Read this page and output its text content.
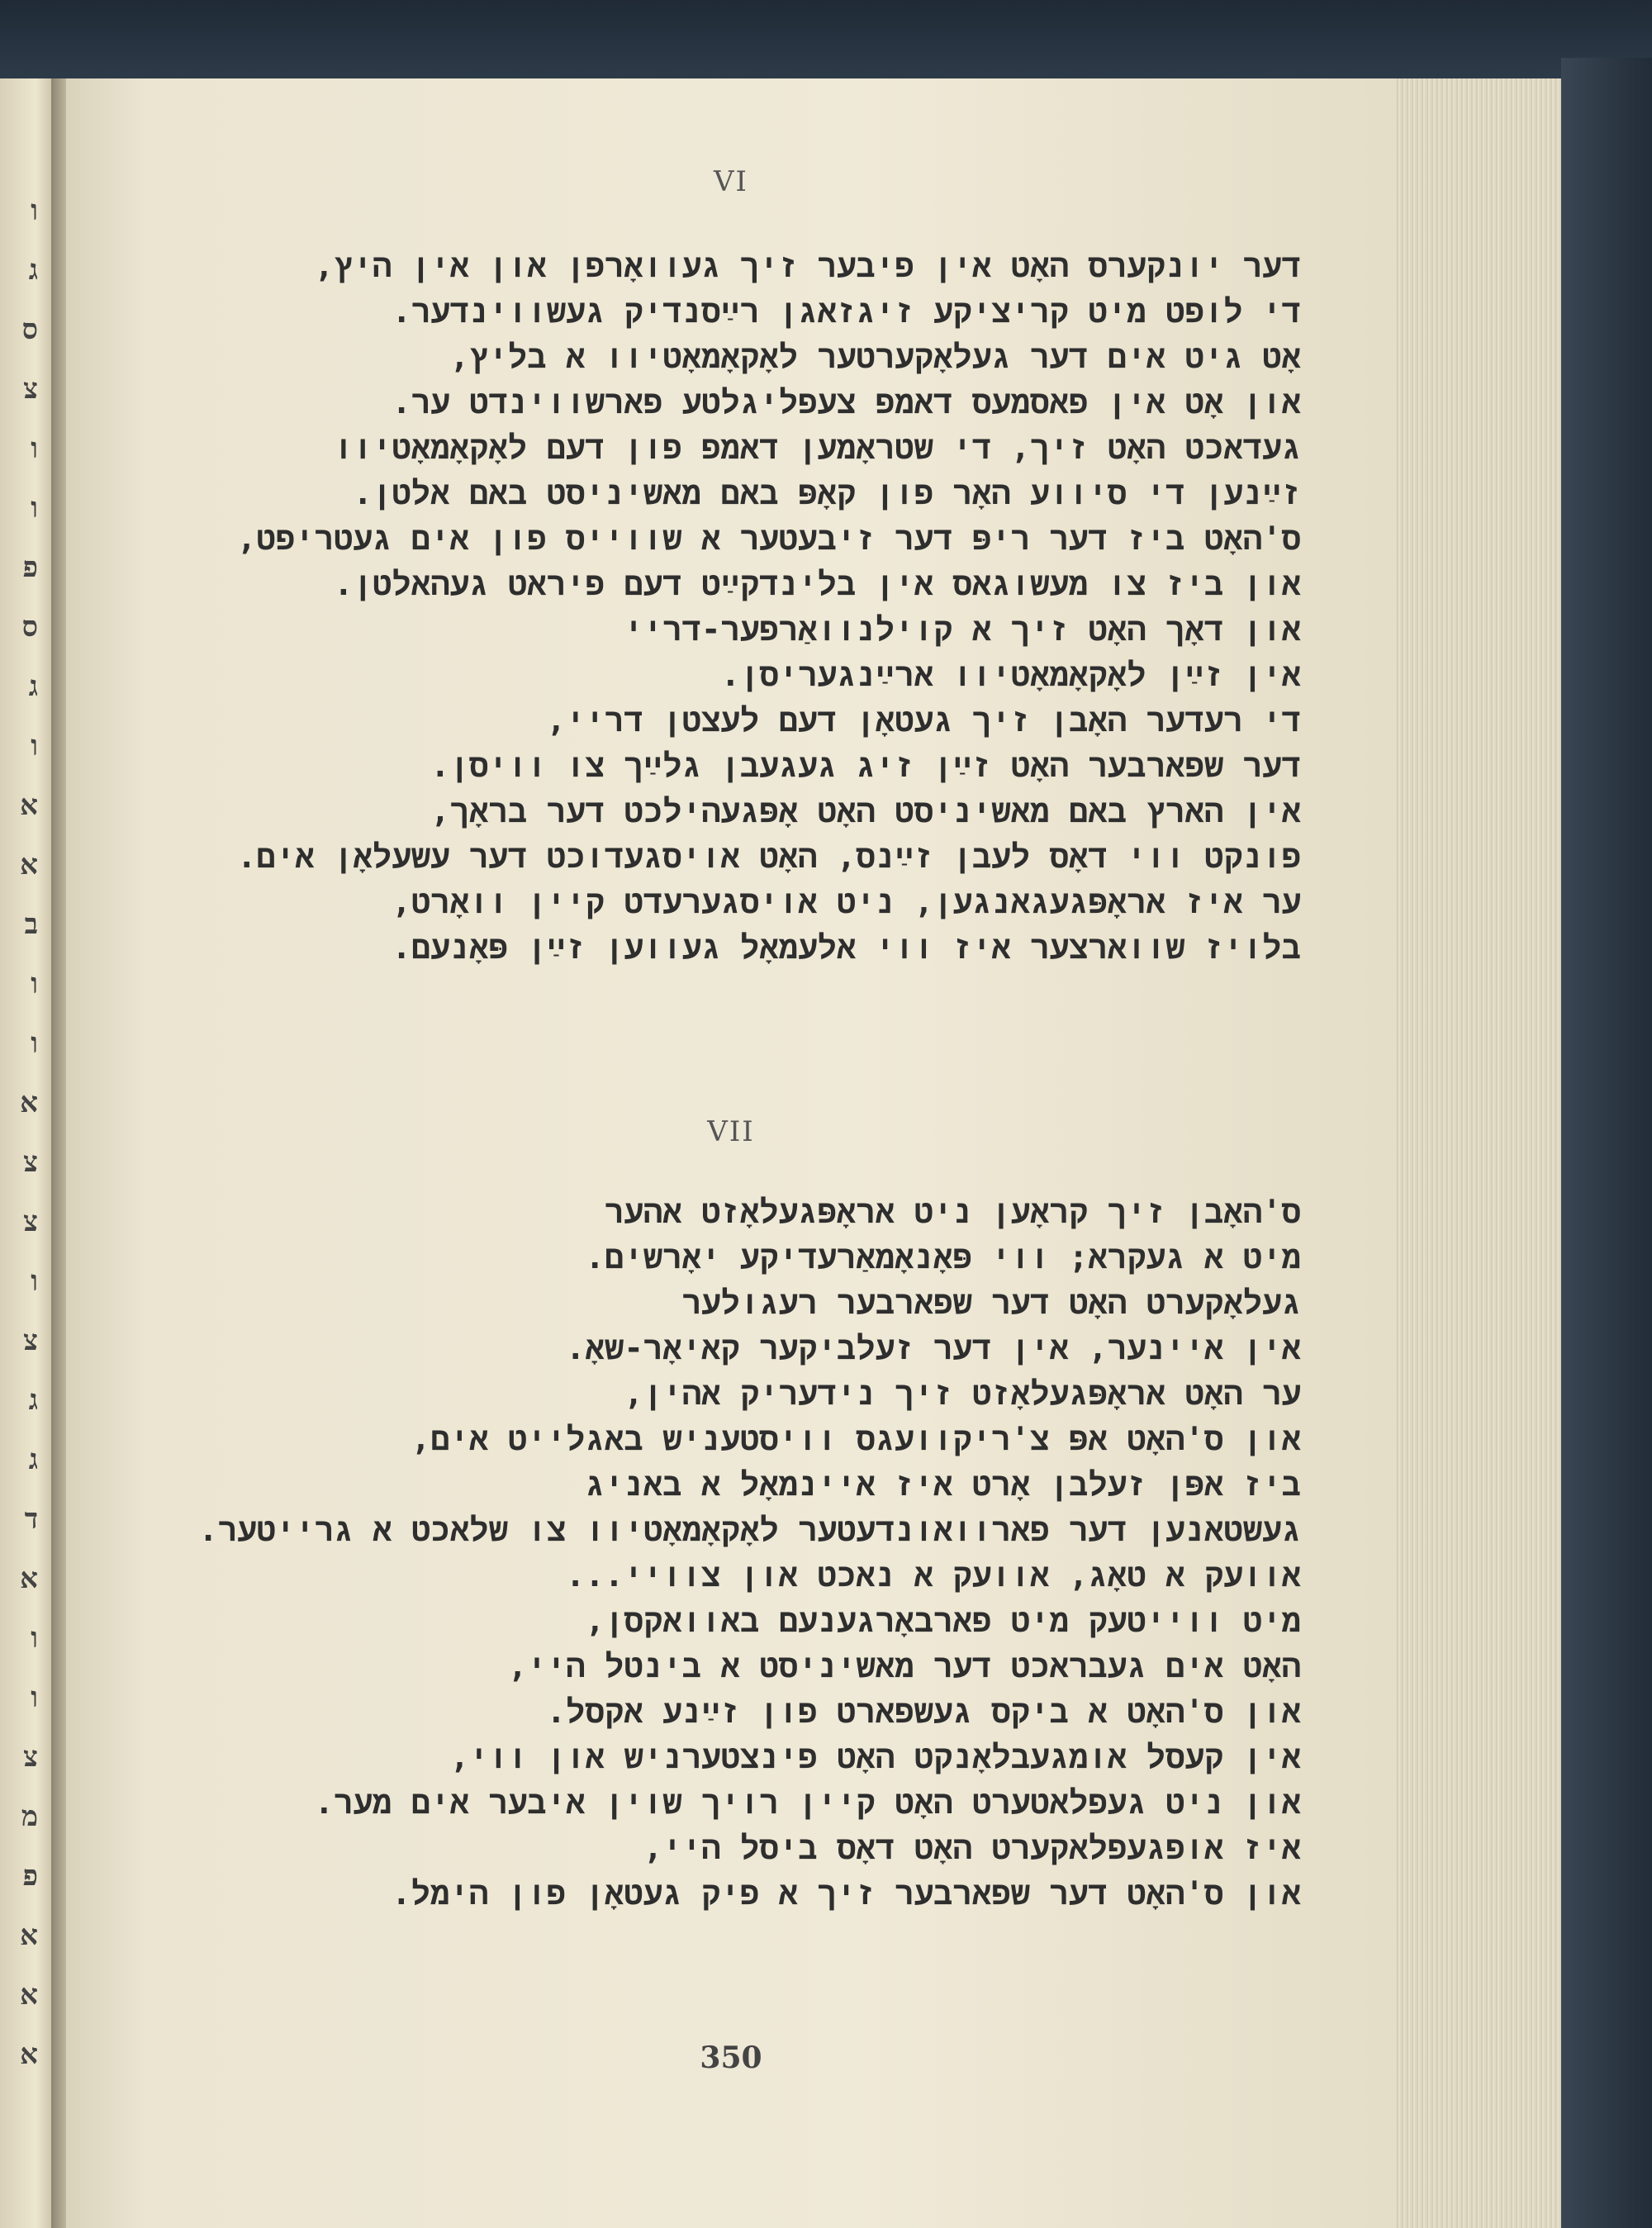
ו
ג
ס
צ
ו
ו
פ
ס
ג
ו
א
א
ב
ו
ו
א
צ
צ
ו
צ
ג
ג
ד
א
ו
ו
צ
מ
פ
א
א
א
VI
דער יונקערס האָט אין פיבער זיך געוואָרפן און אין היץ,
די לופט מיט קריציקע זיגזאגן רײַסנדיק געשווינדער.
אָט גיט אים דער געלאָקערטער לאָקאָמאָטיוו א בליץ,
און אָט אין פאסמעס דאמפ צעפליגלטע פארשווינדט ער.
געדאכט האָט זיך, די שטראָמען דאמפ פון דעם לאָקאָמאָטיוו
זײַנען די סיווע האָר פון קאָפּ באם מאשיניסט באם אלטן.
ס'האָט ביז דער ריפּ דער זיבעטער א שווייס פון אים געטריפט,
און ביז צו מעשוגאס אין בלינדקײַט דעם פיראט געהאלטן.
און דאָך האָט זיך א קוילנוואַרפער-דריי
אין זײַן לאָקאָמאָטיוו ארײַנגעריסן.
די רעדער האָבן זיך געטאָן דעם לעצטן דריי,
דער שפארבער האָט זײַן זיג געגעבן גלײַך צו וויסן.
אין הארץ באם מאשיניסט האָט אָפּגעהילכט דער בראָך,
פונקט ווי דאָס לעבן זײַנס, האָט אויסגעדוכט דער עשעלאָן אים.
ער איז אראָפּגעגאנגען, ניט אויסגערעדט קיין וואָרט,
בלויז שווארצער איז ווי אלעמאָל געווען זײַן פּאָנעם.
VII
ס'האָבן זיך קראָען ניט אראָפּגעלאָזט אהער
מיט א געקרא; ווי פּאָנאָמאַרעדיקע יאָרשים.
געלאָקערט האָט דער שפארבער רעגולער
אין איינער, אין דער זעלביקער קאיאָר-שאָ.
ער האָט אראָפּגעלאָזט זיך נידעריק אהין,
און ס'האָט אפּ צ'ריקוועגס וויסטעניש באגלייט אים,
ביז אפּן זעלבן אָרט איז איינמאָל א באניג
געשטאנען דער פארוואונדעטער לאָקאָמאָטיוו צו שלאכט א גרייטער.
אוועק א טאָג, אוועק א נאכט און צוויי...
מיט ווייטעק מיט פארבאָרגענעם באוואקסן,
האָט אים געבראכט דער מאשיניסט א בינטל היי,
און ס'האָט א ביקס געשפארט פון זײַנע אקסל.
אין קעסל אומגעבלאָנקט האָט פינצטערניש און ווי,
און ניט געפלאטערט האָט קיין רויך שוין איבער אים מער.
איז אופגעפלאקערט האָט דאָס ביסל היי,
און ס'האָט דער שפארבער זיך א פיק געטאָן פון הימל.
350
